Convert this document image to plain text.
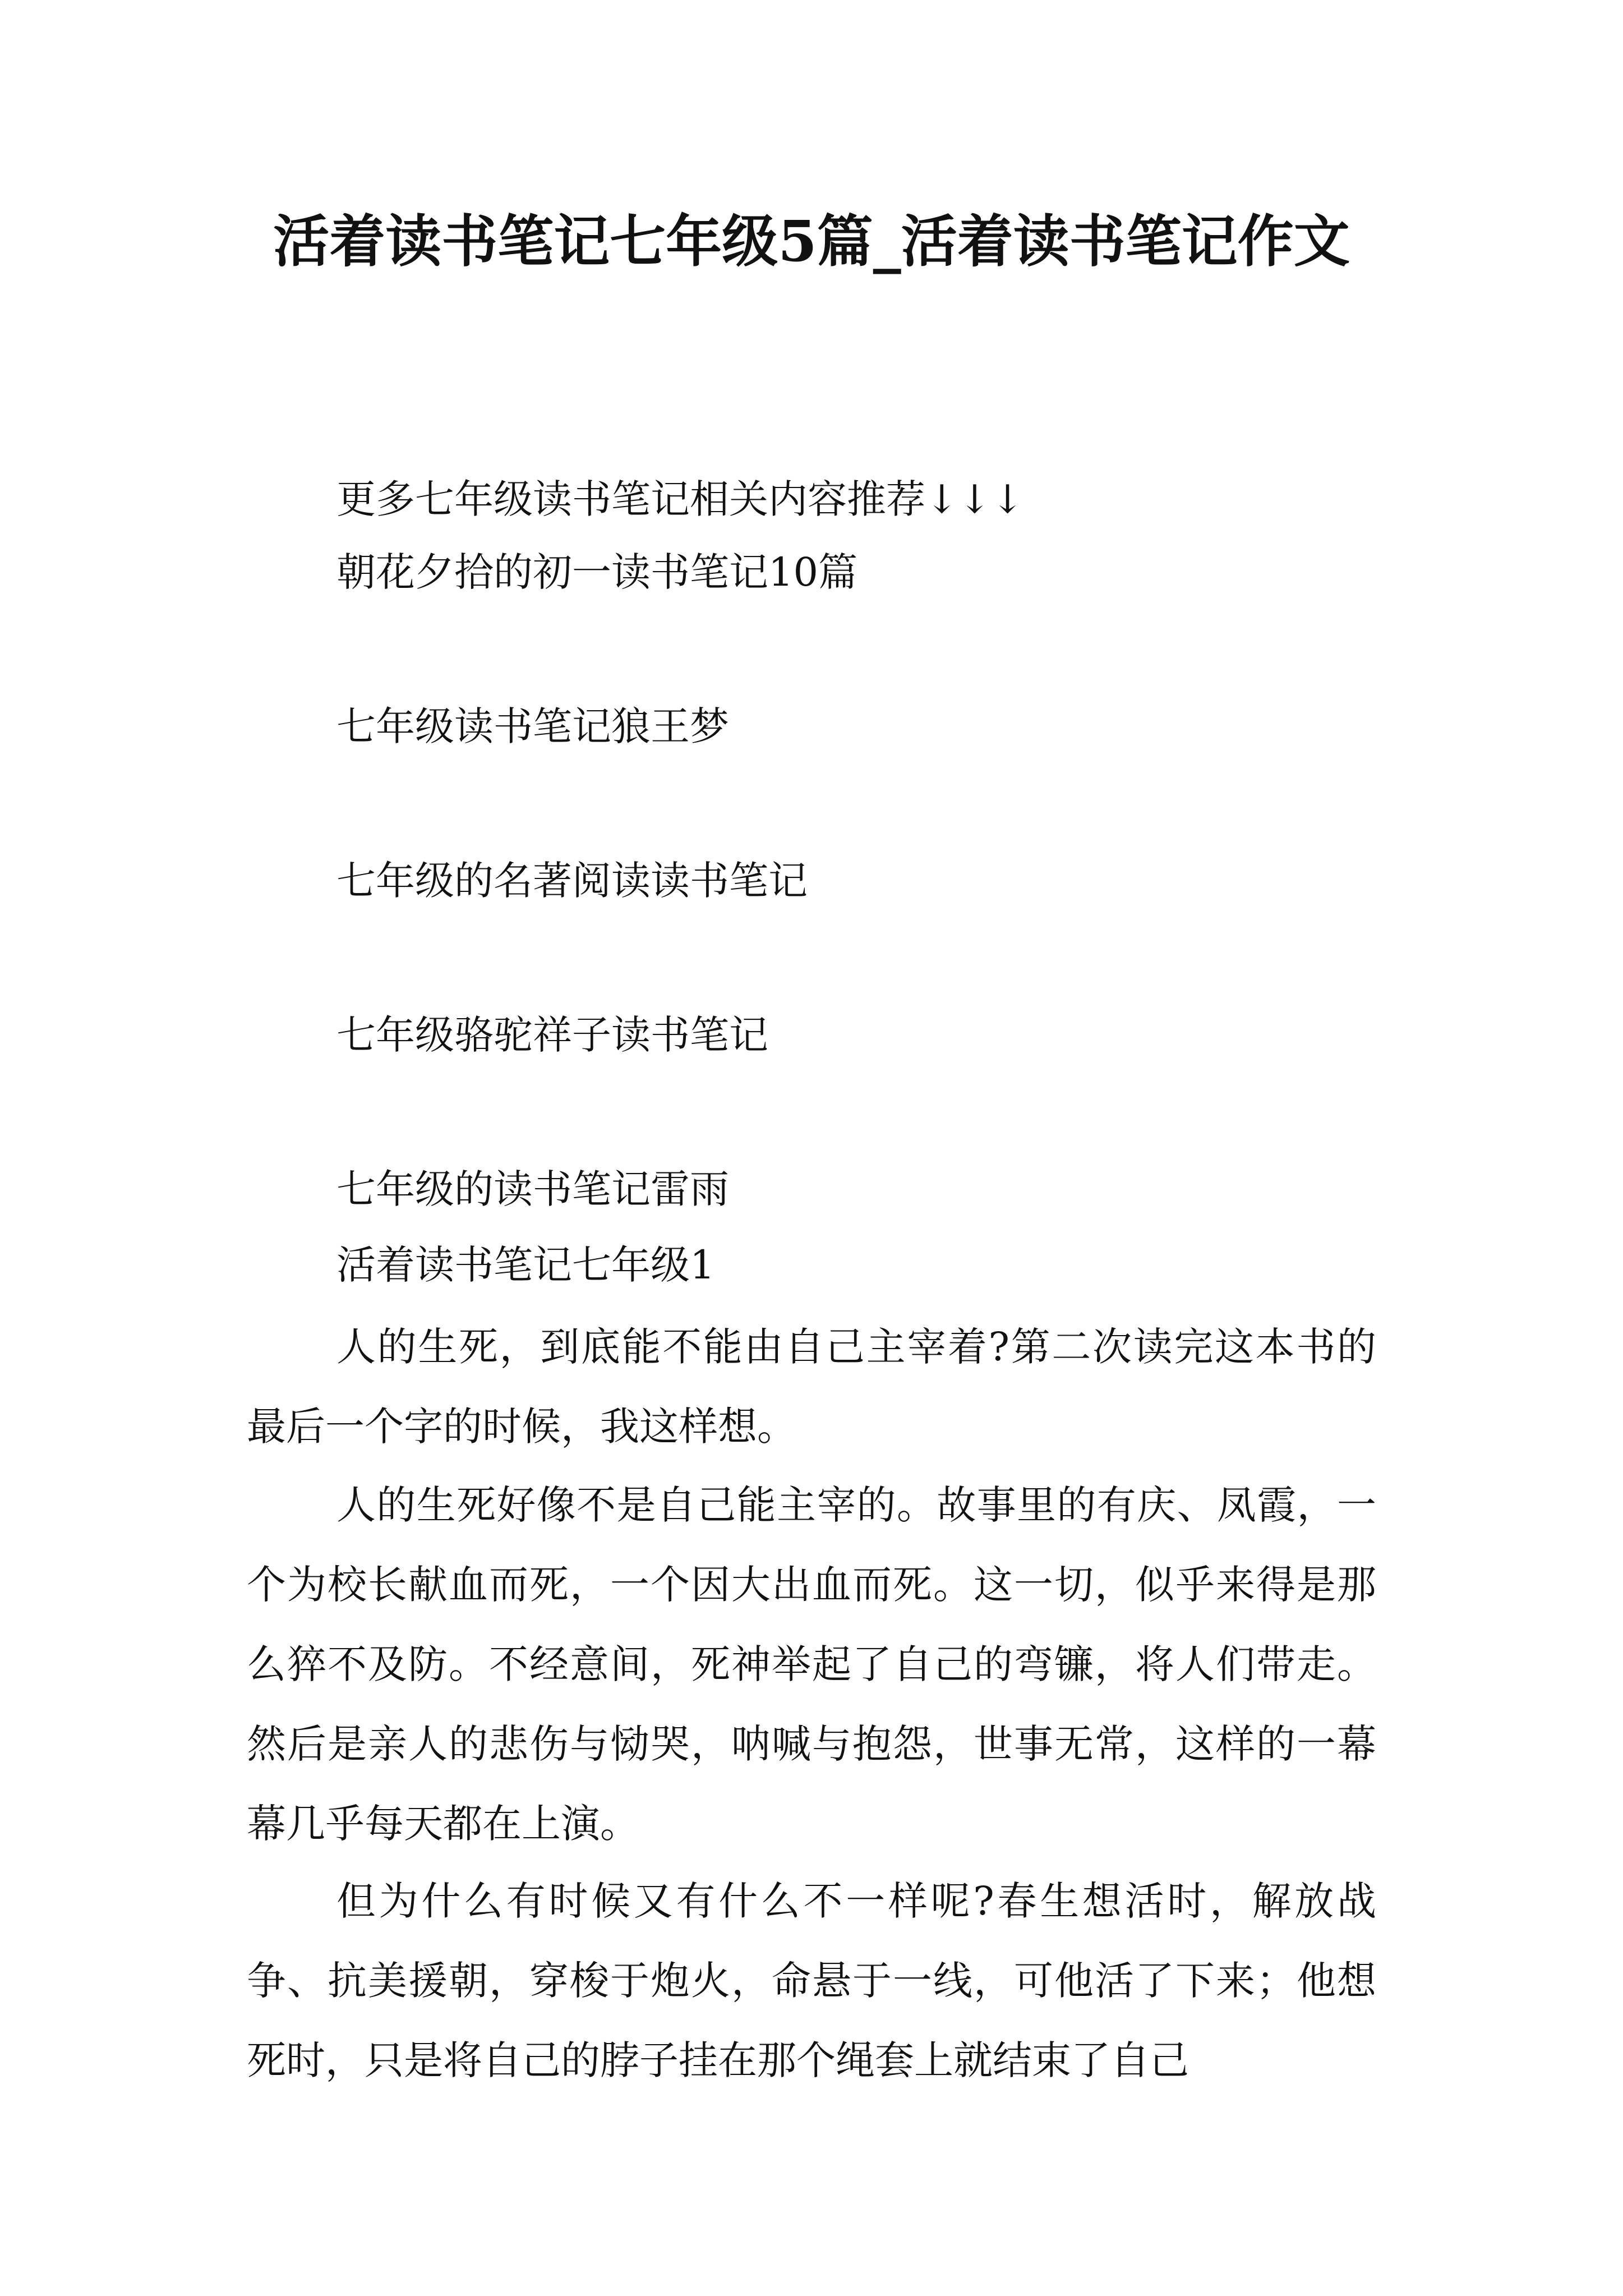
活着读书笔记七年级5篇_活着读书笔记作文

更多七年级读书笔记相关内容推荐↓↓↓

朝花夕拾的初一读书笔记10篇

七年级读书笔记狼王梦

七年级的名著阅读读书笔记

七年级骆驼祥子读书笔记

七年级的读书笔记雷雨

活着读书笔记七年级1

人的生死，到底能不能由自己主宰着?第二次读完这本书的最后一个字的时候，我这样想。

人的生死好像不是自己能主宰的。故事里的有庆、凤霞，一个为校长献血而死，一个因大出血而死。这一切，似乎来得是那么猝不及防。不经意间，死神举起了自己的弯镰，将人们带走。然后是亲人的悲伤与恸哭，呐喊与抱怨，世事无常，这样的一幕幕几乎每天都在上演。

但为什么有时候又有什么不一样呢?春生想活时，解放战争、抗美援朝，穿梭于炮火，命悬于一线，可他活了下来；他想死时，只是将自己的脖子挂在那个绳套上就结束了自己
